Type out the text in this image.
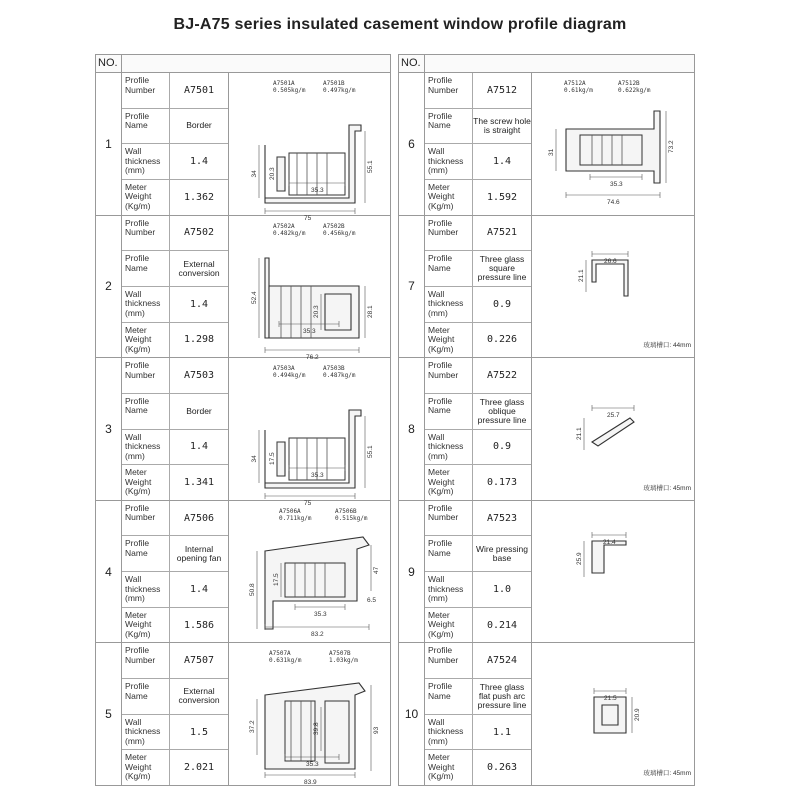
BJ-A75 series insulated casement window profile diagram
NO.
1
Profile Number	A7501
Profile Name	Border
Wall thickness (mm)
1.4
Meter Weight (Kg/m)
1.362
A7501A
0.505kg/m
A7501B
0.497kg/m
34 20.3
55.1
35.3
75
2
Profile Number	A7502
Profile Name	External conversion
Wall thickness (mm)
1.4
Meter Weight (Kg/m)
1.298
A7502A
0.482kg/m
A7502B
0.456kg/m
52.4
20.3	28.1
35.3
76.2
3
Profile Number	A7503
Profile Name	Border
Wall thickness (mm)
1.4
Meter Weight (Kg/m)
1.341
A7503A
0.494kg/m
A7503B
0.487kg/m
34 17.5
55.1
35.3
75
4
Profile Number	A7506
Profile Name	Internal opening fan
Wall thickness (mm)
1.4
Meter Weight (Kg/m)
1.586
A7506A
0.711kg/m
A7506B
0.515kg/m
50.8
17.5
47
6.5
35.3
83.2
5
Profile Number	A7507
Profile Name	External conversion
Wall thickness (mm)
1.5
Meter Weight (Kg/m)
2.021
A7507A
0.631kg/m
A7507B
1.03kg/m
37.2	39.8	93
35.3
83.9
NO.
6
Profile Number	A7512
Profile Name	The screw hole is straight
Wall thickness (mm)
1.4
Meter Weight (Kg/m)
1.592
A7512A
0.61kg/m
A7512B
0.622kg/m
31	73.2
35.3
74.6
7
Profile Number	A7521
Profile Name
Three glass square pressure line
Wall thickness (mm)
0.9
Meter Weight (Kg/m)
0.226
26.6
21.1
玻璃槽口: 44mm
8
Profile Number	A7522
Profile Name
Three glass oblique pressure line
Wall thickness (mm)
0.9
Meter Weight (Kg/m)
0.173
25.7
21.1
玻璃槽口: 45mm
9
Profile Number	A7523
Profile Name	Wire pressing base
Wall thickness (mm)
1.0
Meter Weight (Kg/m)
0.214
21.4
25.9
10
Profile Number	A7524
Profile Name
Three glass flat push arc pressure line
Wall thickness (mm)
1.1
Meter Weight (Kg/m)
0.263
21.5
20.9
玻璃槽口: 45mm
